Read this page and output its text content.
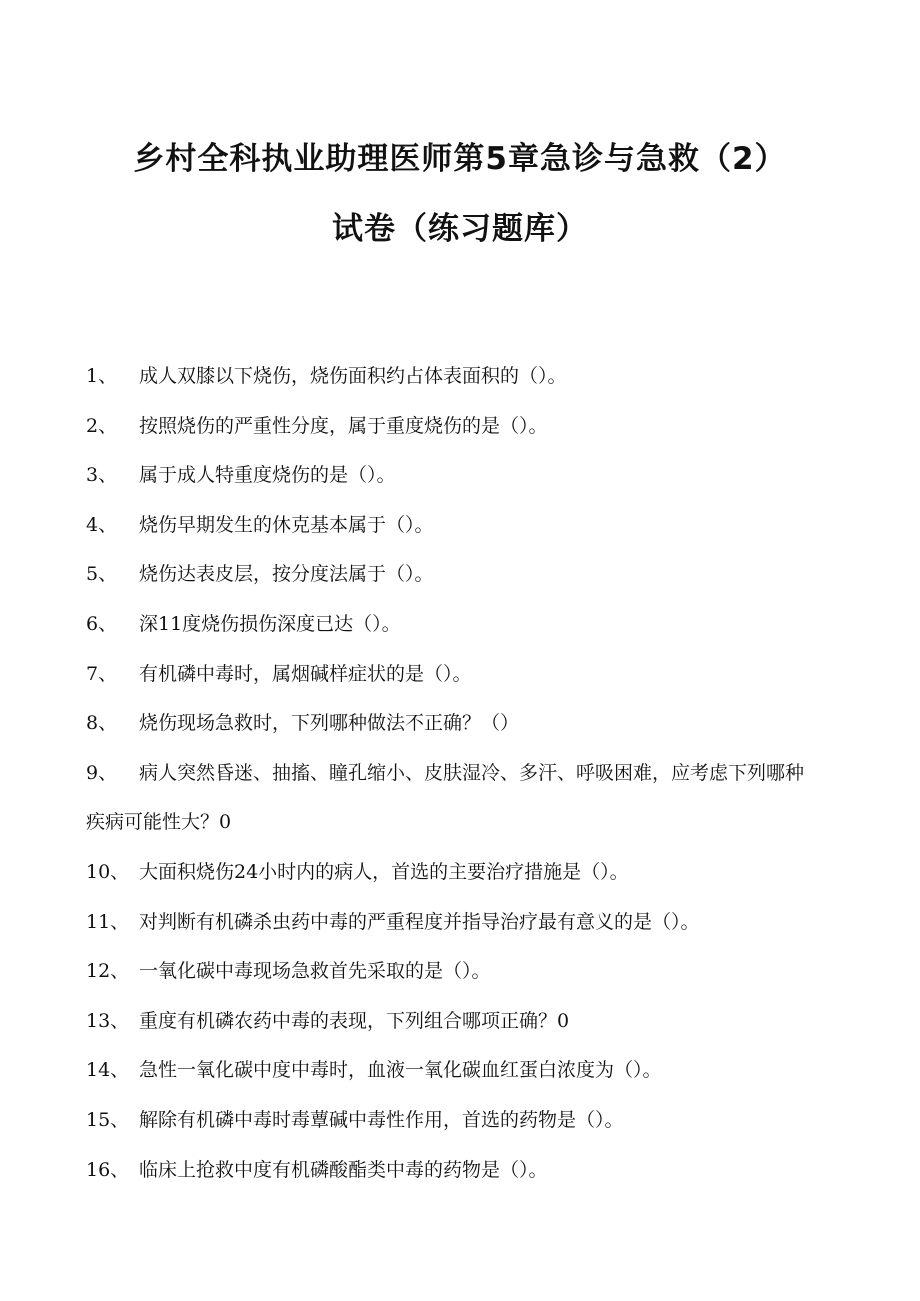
乡村全科执业助理医师第5章急诊与急救（2）
试卷（练习题库）
1、 成人双膝以下烧伤，烧伤面积约占体表面积的（）。
2、 按照烧伤的严重性分度，属于重度烧伤的是（）。
3、 属于成人特重度烧伤的是（）。
4、 烧伤早期发生的休克基本属于（）。
5、 烧伤达表皮层，按分度法属于（）。
6、 深11度烧伤损伤深度已达（）。
7、 有机磷中毒时，属烟碱样症状的是（）。
8、 烧伤现场急救时，下列哪种做法不正确？（）
9、 病人突然昏迷、抽搐、瞳孔缩小、皮肤湿冷、多汗、呼吸困难，应考虑下列哪种疾病可能性大？0
10、 大面积烧伤24小时内的病人，首选的主要治疗措施是（）。
11、 对判断有机磷杀虫药中毒的严重程度并指导治疗最有意义的是（）。
12、 一氧化碳中毒现场急救首先采取的是（）。
13、 重度有机磷农药中毒的表现，下列组合哪项正确？0
14、 急性一氧化碳中度中毒时，血液一氧化碳血红蛋白浓度为（）。
15、 解除有机磷中毒时毒蕈碱中毒性作用，首选的药物是（）。
16、 临床上抢救中度有机磷酸酯类中毒的药物是（）。
